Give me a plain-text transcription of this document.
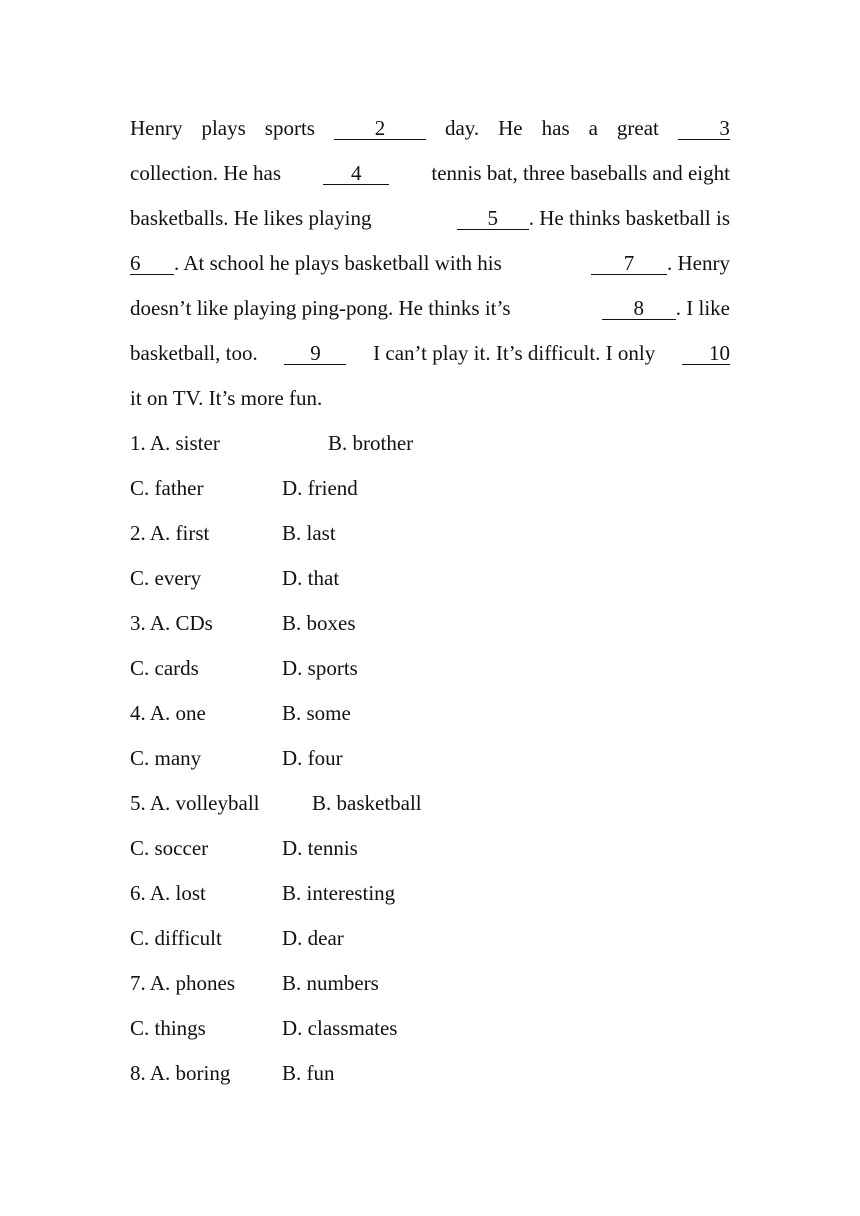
Henry plays sports	2	day. He has a great	3
collection. He has	4	tennis bat, three baseballs and eight
basketballs. He likes playing	5	. He thinks basketball is
6	. At school he plays basketball with his	7	. Henry
doesn’t like playing ping-pong. He thinks it’s	8	. I like
basketball, too.	9	I can’t play it. It’s difficult. I only	10
it on TV. It’s more fun.
1. A. sister	B. brother
C. father	D. friend
2. A. first	B. last
C. every	D. that
3. A. CDs	B. boxes
C. cards	D. sports
4. A. one	B. some
C. many	D. four
5. A. volleyball	B. basketball
C. soccer	D. tennis
6. A. lost	B. interesting
C. difficult	D. dear
7. A. phones B. numbers
C. things	D. classmates
8. A. boring B. fun
